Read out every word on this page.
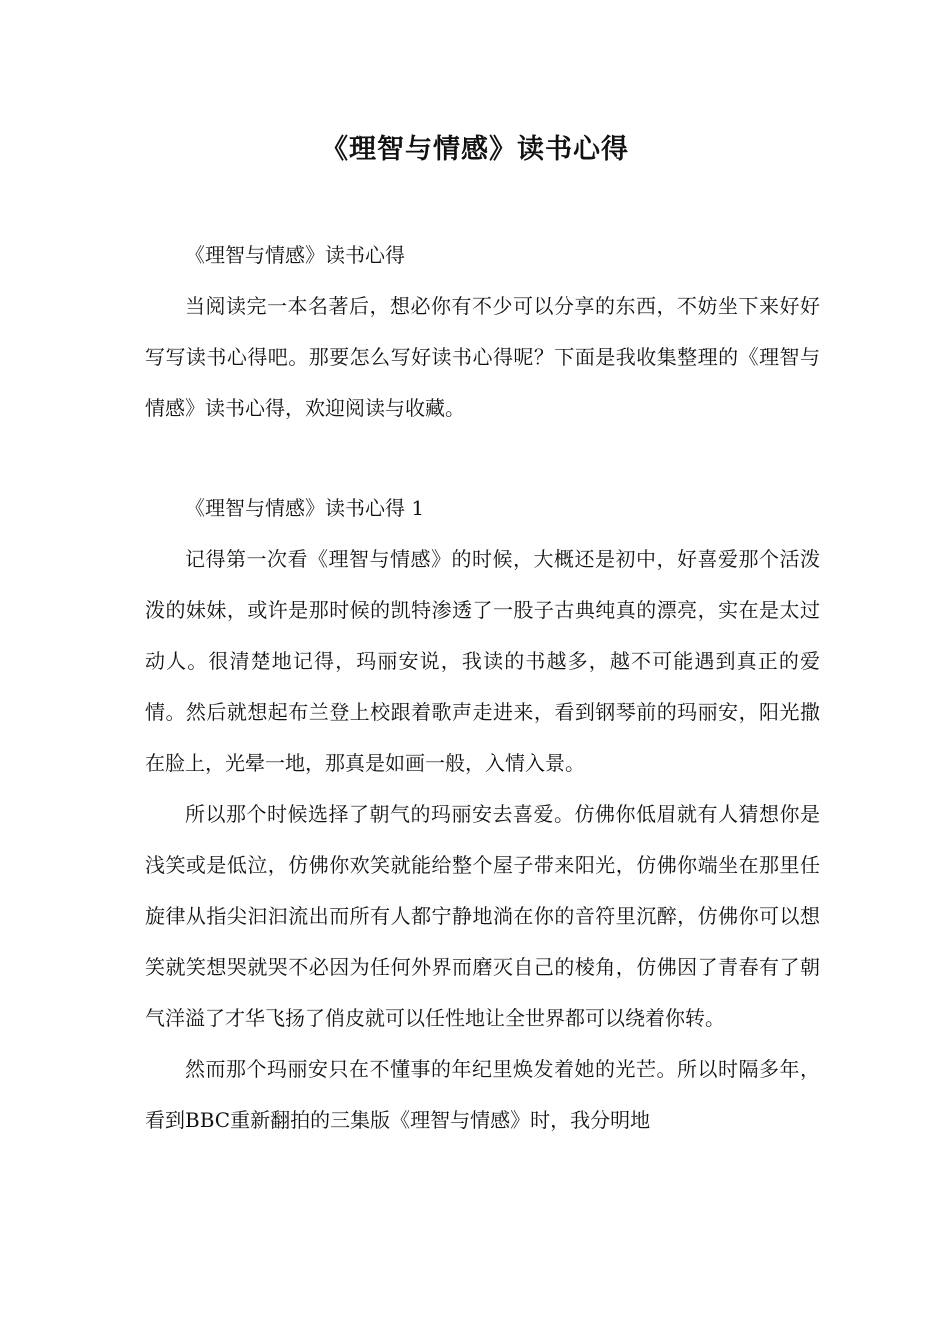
《理智与情感》读书心得

《理智与情感》读书心得

当阅读完一本名著后，想必你有不少可以分享的东西，不妨坐下来好好写写读书心得吧。那要怎么写好读书心得呢？下面是我收集整理的《理智与情感》读书心得，欢迎阅读与收藏。

《理智与情感》读书心得 1

记得第一次看《理智与情感》的时候，大概还是初中，好喜爱那个活泼泼的妹妹，或许是那时候的凯特渗透了一股子古典纯真的漂亮，实在是太过动人。很清楚地记得，玛丽安说，我读的书越多，越不可能遇到真正的爱情。然后就想起布兰登上校跟着歌声走进来，看到钢琴前的玛丽安，阳光撒在脸上，光晕一地，那真是如画一般，入情入景。

所以那个时候选择了朝气的玛丽安去喜爱。仿佛你低眉就有人猜想你是浅笑或是低泣，仿佛你欢笑就能给整个屋子带来阳光，仿佛你端坐在那里任旋律从指尖汩汩流出而所有人都宁静地淌在你的音符里沉醉，仿佛你可以想笑就笑想哭就哭不必因为任何外界而磨灭自己的棱角，仿佛因了青春有了朝气洋溢了才华飞扬了俏皮就可以任性地让全世界都可以绕着你转。

然而那个玛丽安只在不懂事的年纪里焕发着她的光芒。所以时隔多年，看到BBC重新翻拍的三集版《理智与情感》时，我分明地
